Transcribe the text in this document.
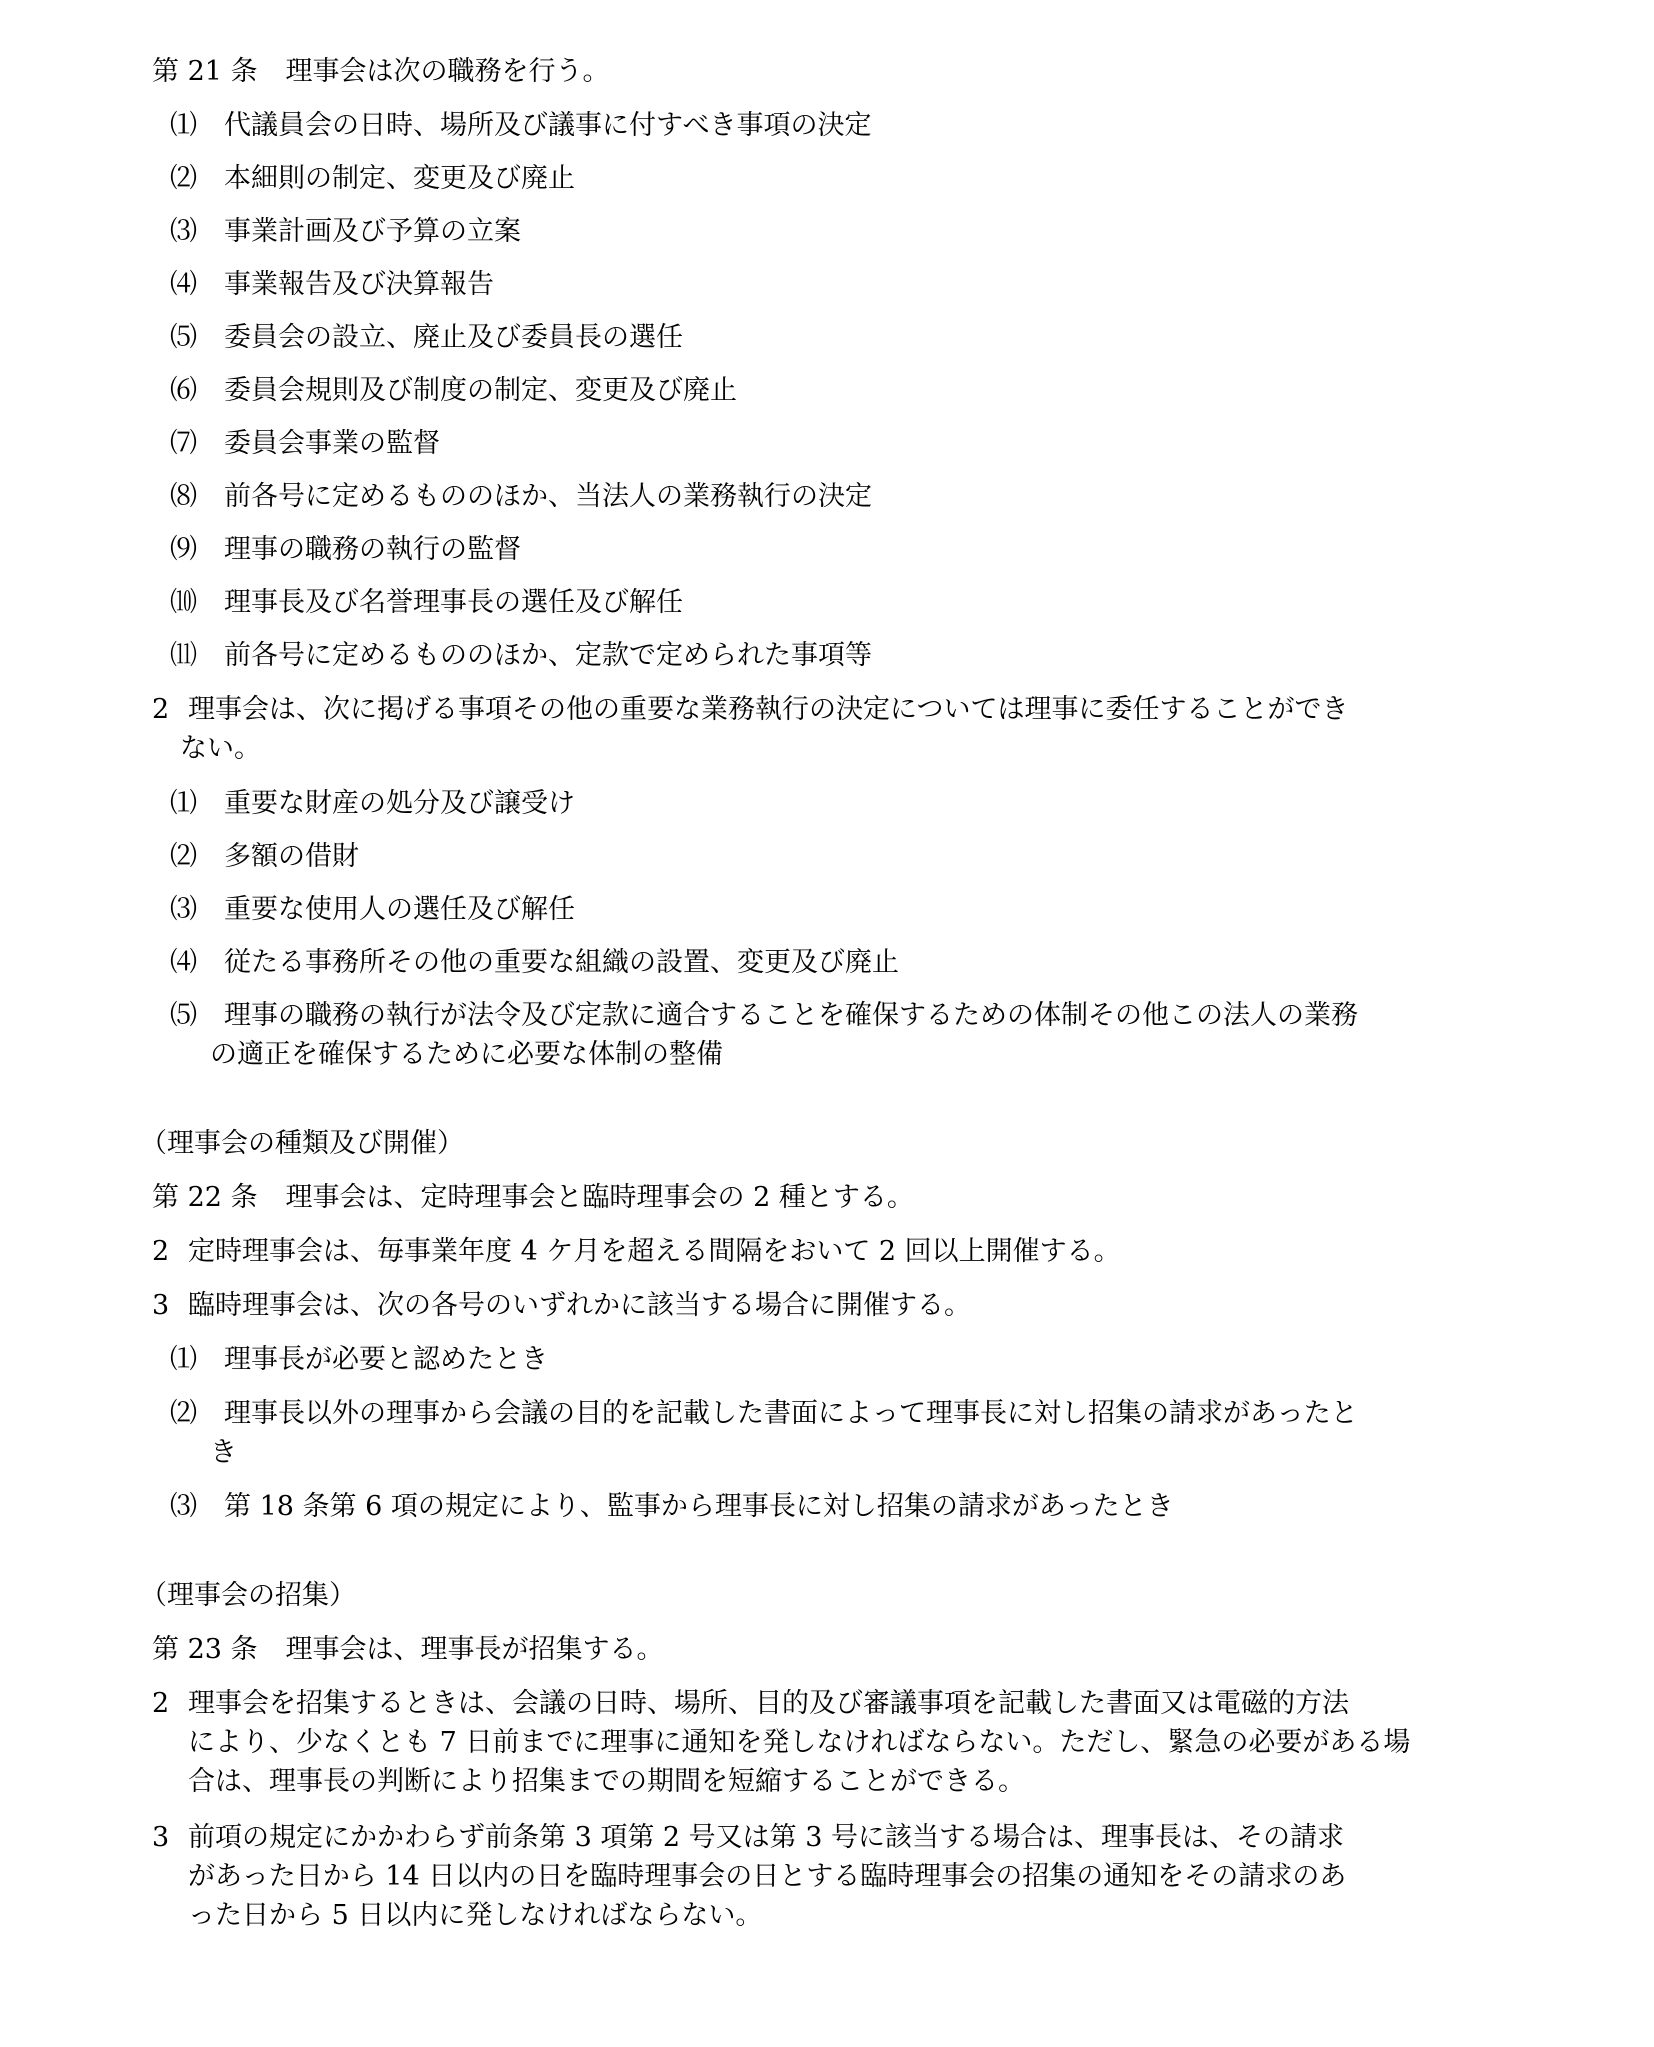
第 21 条 理事会は次の職務を行う。
⑴ 代議員会の日時、場所及び議事に付すべき事項の決定
⑵ 本細則の制定、変更及び廃止
⑶ 事業計画及び予算の立案
⑷ 事業報告及び決算報告
⑸ 委員会の設立、廃止及び委員長の選任
⑹ 委員会規則及び制度の制定、変更及び廃止
⑺ 委員会事業の監督
⑻ 前各号に定めるもののほか、当法人の業務執行の決定
⑼ 理事の職務の執行の監督
⑽ 理事長及び名誉理事長の選任及び解任
⑾ 前各号に定めるもののほか、定款で定められた事項等
2 理事会は、次に掲げる事項その他の重要な業務執行の決定については理事に委任することができ
ない。
⑴ 重要な財産の処分及び譲受け
⑵ 多額の借財
⑶ 重要な使用人の選任及び解任
⑷ 従たる事務所その他の重要な組織の設置、変更及び廃止
⑸ 理事の職務の執行が法令及び定款に適合することを確保するための体制その他この法人の業務
の適正を確保するために必要な体制の整備
（理事会の種類及び開催）
第 22 条 理事会は、定時理事会と臨時理事会の 2 種とする。
2 定時理事会は、毎事業年度 4 ケ月を超える間隔をおいて 2 回以上開催する。
3 臨時理事会は、次の各号のいずれかに該当する場合に開催する。
⑴ 理事長が必要と認めたとき
⑵ 理事長以外の理事から会議の目的を記載した書面によって理事長に対し招集の請求があったと
き
⑶ 第 18 条第 6 項の規定により、監事から理事長に対し招集の請求があったとき
（理事会の招集）
第 23 条 理事会は、理事長が招集する。
2 理事会を招集するときは、会議の日時、場所、目的及び審議事項を記載した書面又は電磁的方法
により、少なくとも 7 日前までに理事に通知を発しなければならない。ただし、緊急の必要がある場
合は、理事長の判断により招集までの期間を短縮することができる。
3 前項の規定にかかわらず前条第 3 項第 2 号又は第 3 号に該当する場合は、理事長は、その請求
があった日から 14 日以内の日を臨時理事会の日とする臨時理事会の招集の通知をその請求のあ
った日から 5 日以内に発しなければならない。
